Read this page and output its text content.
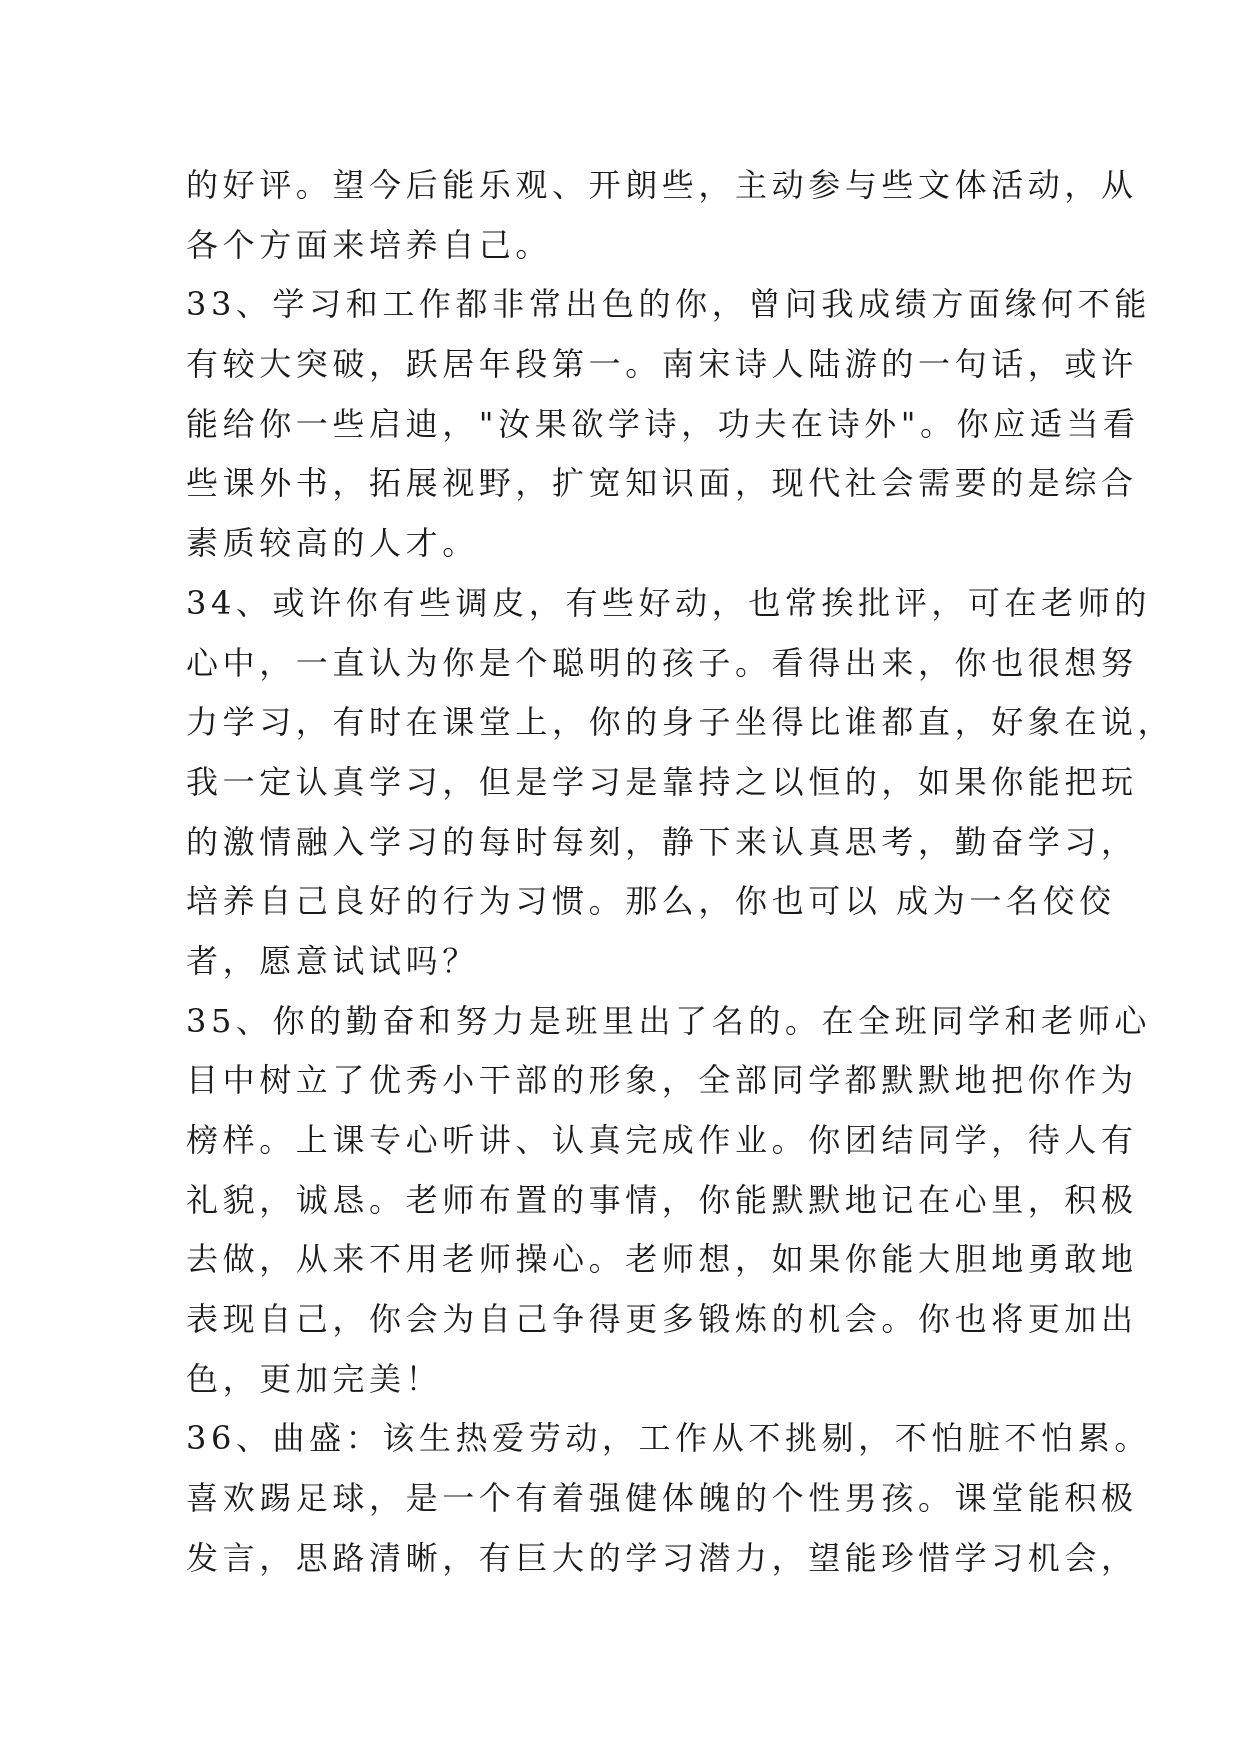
的好评。望今后能乐观、开朗些，主动参与些文体活动，从
各个方面来培养自己。
33、学习和工作都非常出色的你，曾问我成绩方面缘何不能
有较大突破，跃居年段第一。南宋诗人陆游的一句话，或许
能给你一些启迪，"汝果欲学诗，功夫在诗外"。你应适当看
些课外书，拓展视野，扩宽知识面，现代社会需要的是综合
素质较高的人才。
34、或许你有些调皮，有些好动，也常挨批评，可在老师的
心中，一直认为你是个聪明的孩子。看得出来，你也很想努
力学习，有时在课堂上，你的身子坐得比谁都直，好象在说，
我一定认真学习，但是学习是靠持之以恒的，如果你能把玩
的激情融入学习的每时每刻，静下来认真思考，勤奋学习，
培养自己良好的行为习惯。那么，你也可以 成为一名佼佼
者，愿意试试吗？
35、你的勤奋和努力是班里出了名的。在全班同学和老师心
目中树立了优秀小干部的形象，全部同学都默默地把你作为
榜样。上课专心听讲、认真完成作业。你团结同学，待人有
礼貌，诚恳。老师布置的事情，你能默默地记在心里，积极
去做，从来不用老师操心。老师想，如果你能大胆地勇敢地
表现自己，你会为自己争得更多锻炼的机会。你也将更加出
色，更加完美！
36、曲盛：该生热爱劳动，工作从不挑剔，不怕脏不怕累。
喜欢踢足球，是一个有着强健体魄的个性男孩。课堂能积极
发言，思路清晰，有巨大的学习潜力，望能珍惜学习机会，
